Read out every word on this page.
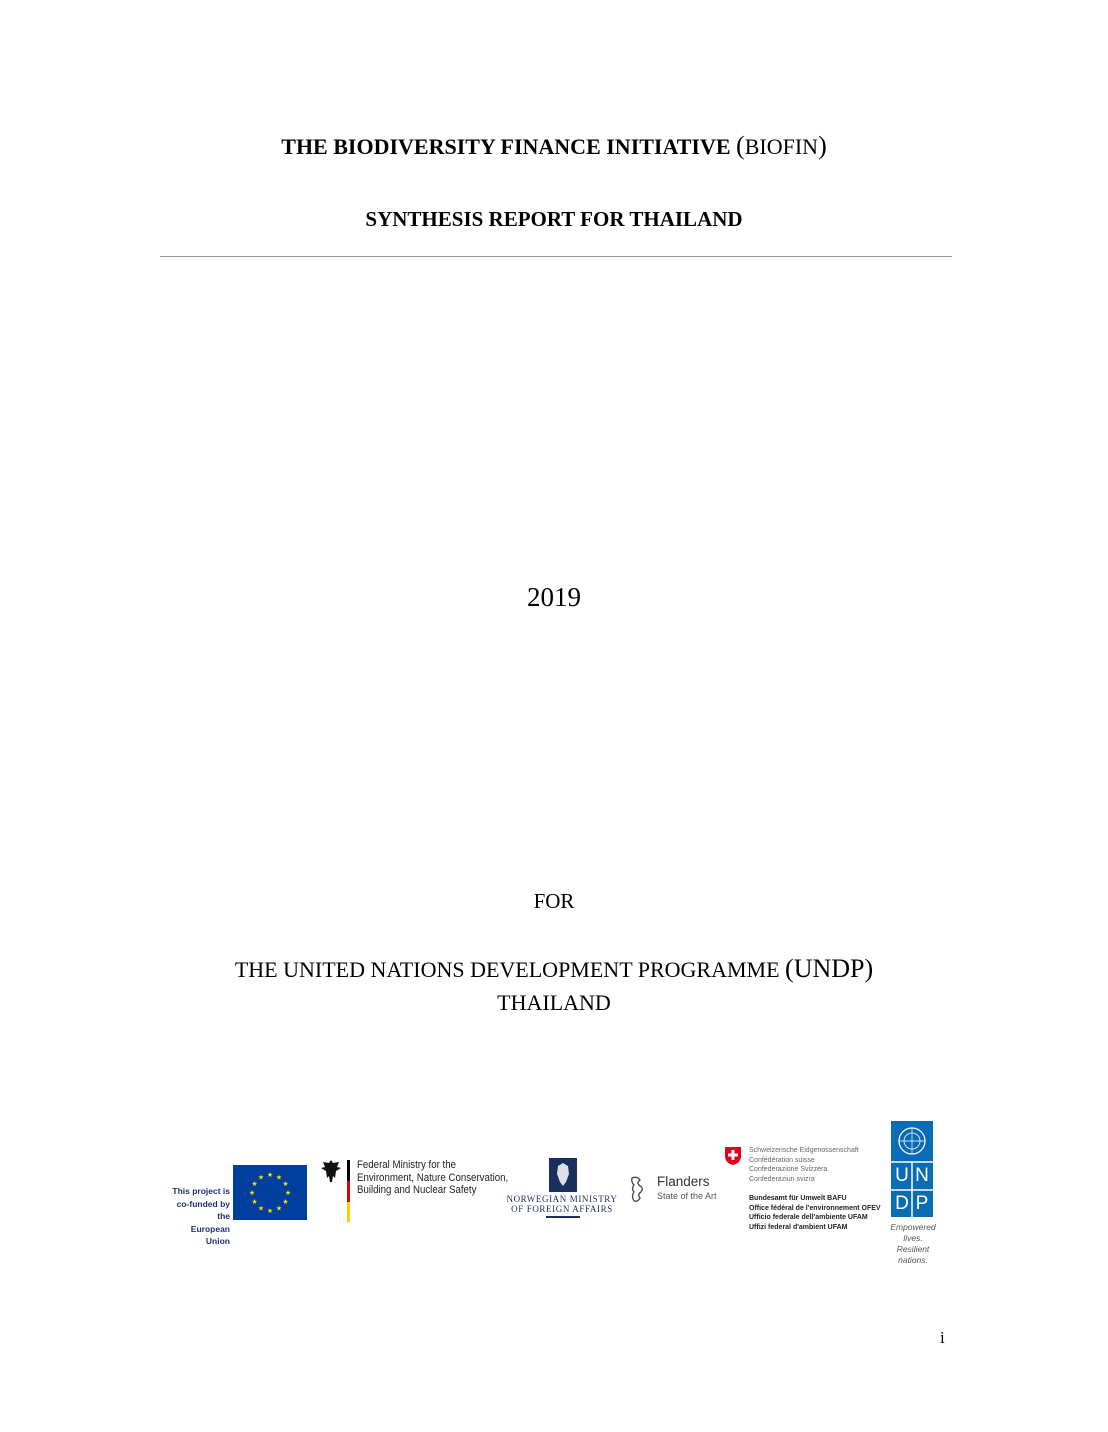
THE BIODIVERSITY FINANCE INITIATIVE (BIOFIN)
SYNTHESIS REPORT FOR THAILAND
2019
FOR
THE UNITED NATIONS DEVELOPMENT PROGRAMME (UNDP)
THAILAND
This project is
co-funded by the
European Union
★ ★
★
★
★
★
★
★
★
★
★
★
Federal Ministry for the
Environment, Nature Conservation,
Building and Nuclear Safety
NORWEGIAN MINISTRY
OF FOREIGN AFFAIRS
Flanders
State of the Art
Schweizerische Eidgenossenschaft
Confédération suisse
Confederazione Svizzera
Confederaziun svizra
Bundesamt für Umwelt BAFU
Office fédéral de l'environnement OFEV
Ufficio federale dell'ambiente UFAM
Uffizi federal d'ambient UFAM
U N
D P
Empowered lives.
Resilient nations.
i
